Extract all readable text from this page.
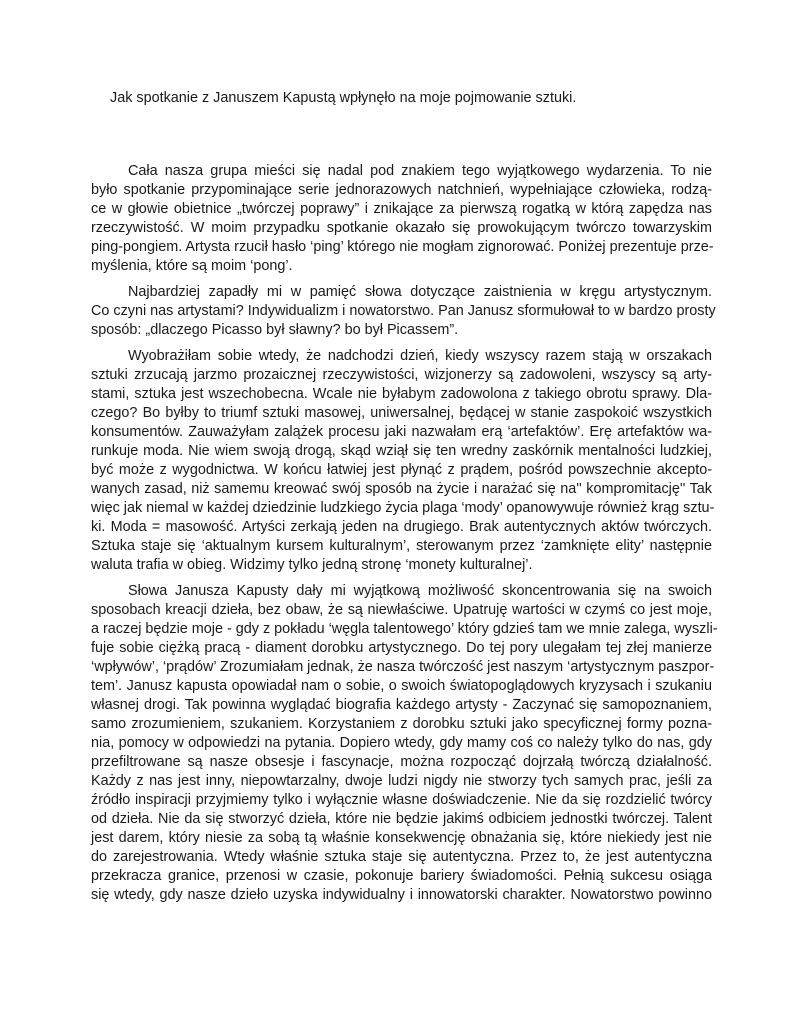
Jak spotkanie z Januszem Kapustą wpłynęło na moje pojmowanie sztuki.
Cała nasza grupa mieści się nadal pod znakiem tego wyjątkowego wydarzenia. To nie
było spotkanie przypominające serie jednorazowych natchnień, wypełniające człowieka, rodzą-
ce w głowie obietnice „twórczej poprawy” i znikające za pierwszą rogatką w którą zapędza nas
rzeczywistość. W moim przypadku spotkanie okazało się prowokującym twórczo towarzyskim
ping-pongiem. Artysta rzucił hasło ‘ping’ którego nie mogłam zignorować. Poniżej prezentuje prze-
myślenia, które są moim ‘pong’.
Najbardziej zapadły mi w pamięć słowa dotyczące zaistnienia w kręgu artystycznym.
Co czyni nas artystami? Indywidualizm i nowatorstwo. Pan Janusz sformułował to w bardzo prosty
sposób: „dlaczego Picasso był sławny? bo był Picassem”.
Wyobrażiłam sobie wtedy, że nadchodzi dzień, kiedy wszyscy razem stają w orszakach
sztuki zrzucają jarzmo prozaicznej rzeczywistości, wizjonerzy są zadowoleni, wszyscy są arty-
stami, sztuka jest wszechobecna. Wcale nie byłabym zadowolona z takiego obrotu sprawy. Dla-
czego? Bo byłby to triumf sztuki masowej, uniwersalnej, będącej w stanie zaspokoić wszystkich
konsumentów. Zauważyłam zalążek procesu jaki nazwałam erą ‘artefaktów’. Erę artefaktów wa-
runkuje moda. Nie wiem swoją drogą, skąd wziął się ten wredny zaskórnik mentalności ludzkiej,
być może z wygodnictwa. W końcu łatwiej jest płynąć z prądem, pośród powszechnie akcepto-
wanych zasad, niż samemu kreować swój sposób na życie i narażać się na'' kompromitację'' Tak
więc jak niemal w każdej dziedzinie ludzkiego życia plaga ‘mody’ opanowywuje również krąg sztu-
ki. Moda = masowość. Artyści zerkają jeden na drugiego. Brak autentycznych aktów twórczych.
Sztuka staje się ‘aktualnym kursem kulturalnym’, sterowanym przez ‘zamknięte elity’ następnie
waluta trafia w obieg. Widzimy tylko jedną stronę ‘monety kulturalnej’.
Słowa Janusza Kapusty dały mi wyjątkową możliwość skoncentrowania się na swoich
sposobach kreacji dzieła, bez obaw, że są niewłaściwe. Upatruję wartości w czymś co jest moje,
a raczej będzie moje - gdy z pokładu ‘węgla talentowego’ który gdzieś tam we mnie zalega, wyszli-
fuje sobie ciężką pracą - diament dorobku artystycznego. Do tej pory ulegałam tej złej manierze
‘wpływów’, ‘prądów’ Zrozumiałam jednak, że nasza twórczość jest naszym ‘artystycznym paszpor-
tem’. Janusz kapusta opowiadał nam o sobie, o swoich światopoglądowych kryzysach i szukaniu
własnej drogi. Tak powinna wyglądać biografia każdego artysty - Zaczynać się samopoznaniem,
samo zrozumieniem, szukaniem. Korzystaniem z dorobku sztuki jako specyficznej formy pozna-
nia, pomocy w odpowiedzi na pytania. Dopiero wtedy, gdy mamy coś co należy tylko do nas, gdy
przefiltrowane są nasze obsesje i fascynacje, można rozpocząć dojrzałą twórczą działalność.
Każdy z nas jest inny, niepowtarzalny, dwoje ludzi nigdy nie stworzy tych samych prac, jeśli za
źródło inspiracji przyjmiemy tylko i wyłącznie własne doświadczenie. Nie da się rozdzielić twórcy
od dzieła. Nie da się stworzyć dzieła, które nie będzie jakimś odbiciem jednostki twórczej. Talent
jest darem, który niesie za sobą tą właśnie konsekwencję obnażania się, które niekiedy jest nie
do zarejestrowania. Wtedy właśnie sztuka staje się autentyczna. Przez to, że jest autentyczna
przekracza granice, przenosi w czasie, pokonuje bariery świadomości. Pełnią sukcesu osiąga
się wtedy, gdy nasze dzieło uzyska indywidualny i innowatorski charakter. Nowatorstwo powinno
